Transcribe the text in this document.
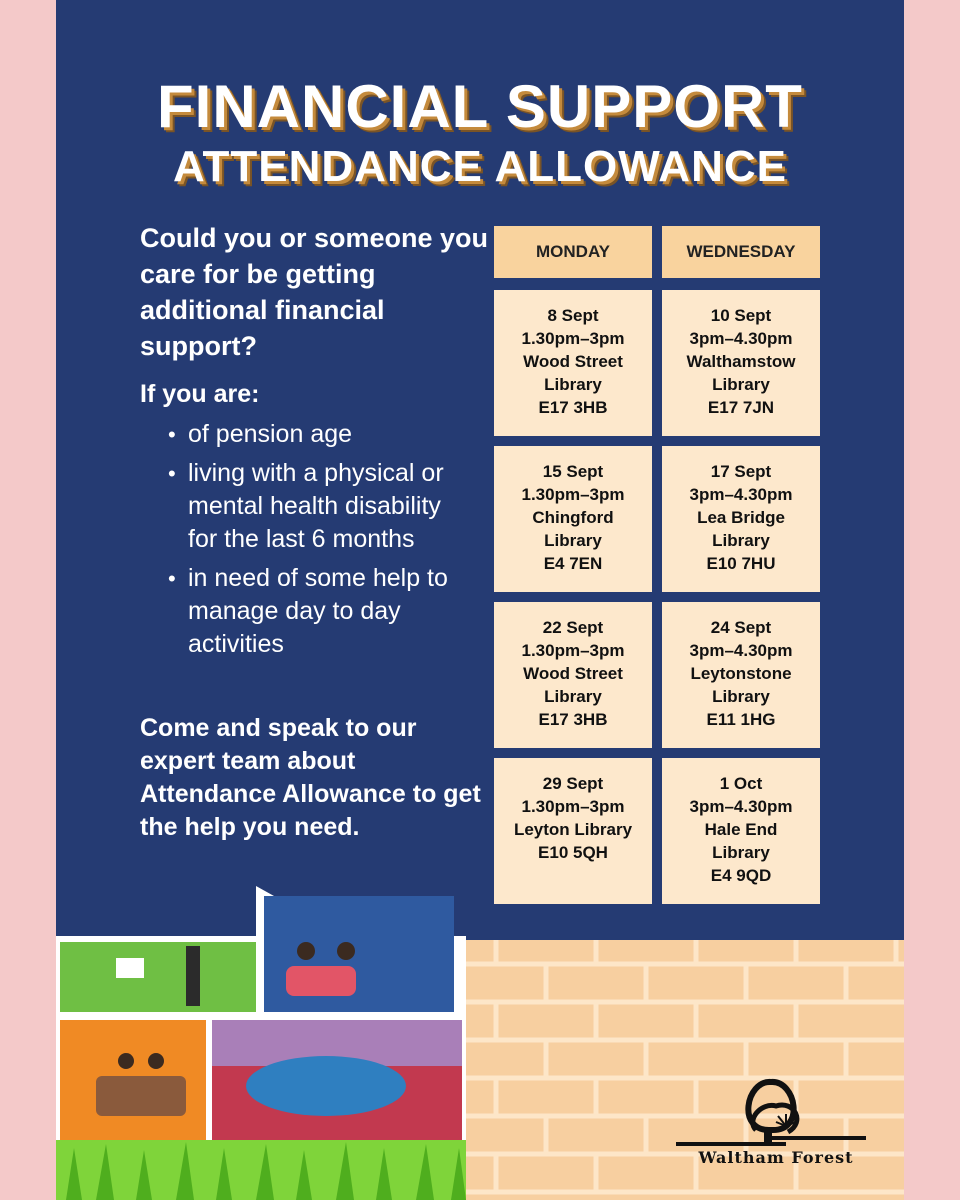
FINANCIAL SUPPORT
ATTENDANCE ALLOWANCE
Could you or someone you care for be getting additional financial support?
If you are:
• of pension age
• living with a physical or mental health disability for the last 6 months
• in need of some help to manage day to day activities
Come and speak to our expert team about Attendance Allowance to get the help you need.
MONDAY	WEDNESDAY
8 Sept
1.30pm–3pm
Wood Street
Library
E17 3HB
10 Sept
3pm–4.30pm
Walthamstow
Library
E17 7JN
15 Sept
1.30pm–3pm
Chingford
Library
E4 7EN
17 Sept
3pm–4.30pm
Lea Bridge
Library
E10 7HU
22 Sept
1.30pm–3pm
Wood Street
Library
E17 3HB
24 Sept
3pm–4.30pm
Leytonstone
Library
E11 1HG
29 Sept
1.30pm–3pm
Leyton Library
E10 5QH
1 Oct
3pm–4.30pm
Hale End
Library
E4 9QD
Waltham Forest
